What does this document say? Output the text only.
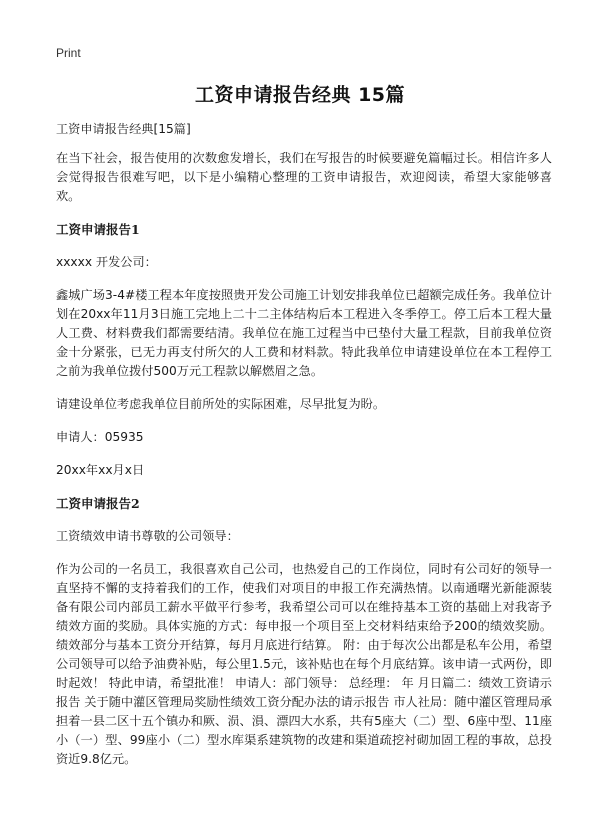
Print
工资申请报告经典 15篇

工资申请报告经典[15篇]

在当下社会，报告使用的次数愈发增长，我们在写报告的时候要避免篇幅过长。相信许多人会觉得报告很难写吧，以下是小编精心整理的工资申请报告，欢迎阅读，希望大家能够喜欢。

工资申请报告1

xxxxx 开发公司：

鑫城广场3-4#楼工程本年度按照贵开发公司施工计划安排我单位已超额完成任务。我单位计划在20xx年11月3日施工完地上二十二主体结构后本工程进入冬季停工。停工后本工程大量人工费、材料费我们都需要结清。我单位在施工过程当中已垫付大量工程款，目前我单位资金十分紧张，已无力再支付所欠的人工费和材料款。特此我单位申请建设单位在本工程停工之前为我单位拨付500万元工程款以解燃眉之急。

请建设单位考虑我单位目前所处的实际困难，尽早批复为盼。

申请人：05935

20xx年xx月x日

工资申请报告2

工资绩效申请书尊敬的公司领导：

作为公司的一名员工，我很喜欢自己公司，也热爱自己的工作岗位，同时有公司好的领导一直坚持不懈的支持着我们的工作，使我们对项目的申报工作充满热情。以南通曙光新能源装备有限公司内部员工薪水平做平行参考，我希望公司可以在维持基本工资的基础上对我寄予绩效方面的奖励。具体实施的方式：每申报一个项目至上交材料结束给予200的绩效奖励。绩效部分与基本工资分开结算，每月月底进行结算。 附：由于每次公出都是私车公用，希望公司领导可以给予油费补贴，每公里1.5元，该补贴也在每个月底结算。该申请一式两份，即时起效！ 特此申请，希望批准！ 申请人：部门领导： 总经理： 年 月日篇二：绩效工资请示报告 关于随中灌区管理局奖励性绩效工资分配办法的请示报告 市人社局：随中灌区管理局承担着一县二区十五个镇办和厥、涢、溳、漂四大水系，共有5座大（二）型、6座中型、11座小（一）型、99座小（二）型水库渠系建筑物的改建和渠道疏挖衬砌加固工程的事故，总投资近9.8亿元。
